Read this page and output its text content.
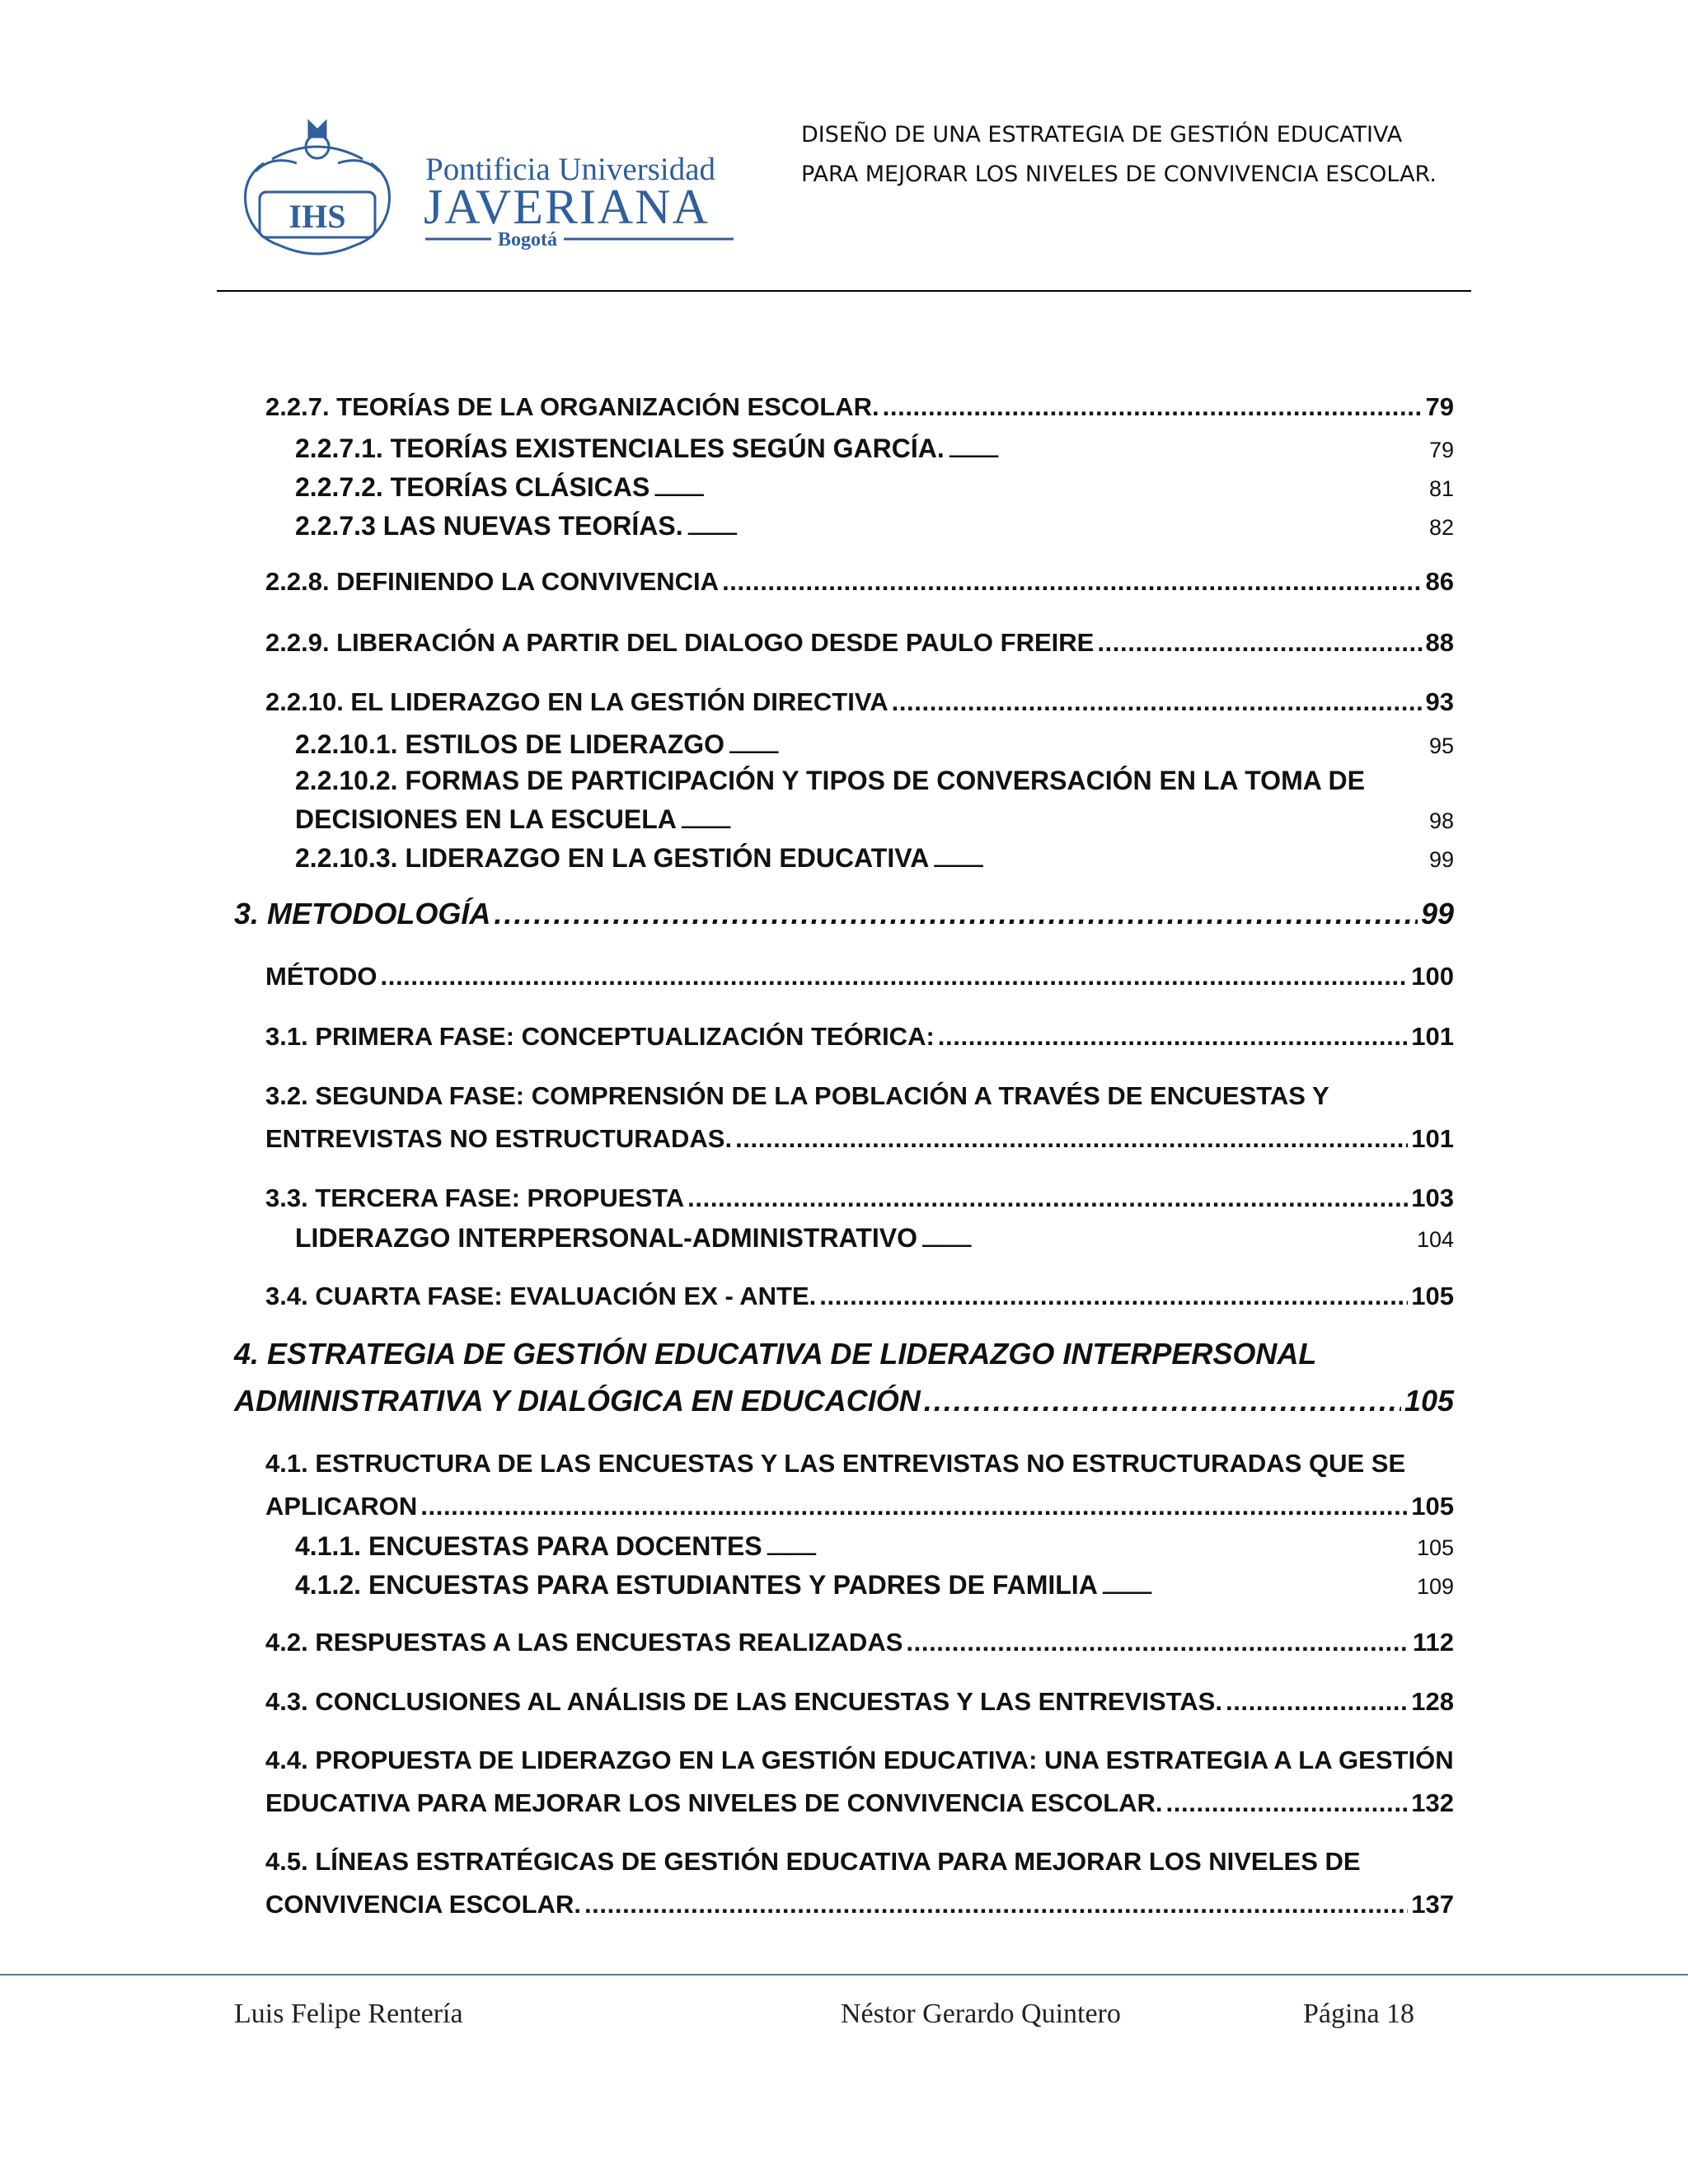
IHS
Pontificia Universidad
JAVERIANA
Bogotá
DISEÑO DE UNA ESTRATEGIA DE GESTIÓN EDUCATIVA
PARA MEJORAR LOS NIVELES DE CONVIVENCIA ESCOLAR.
2.2.7. TEORÍAS DE LA ORGANIZACIÓN ESCOLAR. . . .	79
2.2.7.1. TEORÍAS EXISTENCIALES SEGÚN GARCÍA. . . .	79
2.2.7.2. TEORÍAS CLÁSICAS . . .	81
2.2.7.3 LAS NUEVAS TEORÍAS. . . .	82
2.2.8. DEFINIENDO LA CONVIVENCIA . . .	86
2.2.9. LIBERACIÓN A PARTIR DEL DIALOGO DESDE PAULO FREIRE . . .	88
2.2.10. EL LIDERAZGO EN LA GESTIÓN DIRECTIVA . . .	93
2.2.10.1. ESTILOS DE LIDERAZGO . . .	95
2.2.10.2. FORMAS DE PARTICIPACIÓN Y TIPOS DE CONVERSACIÓN EN LA TOMA DE
DECISIONES EN LA ESCUELA . . .	98
2.2.10.3. LIDERAZGO EN LA GESTIÓN EDUCATIVA . . .	99
3. METODOLOGÍA . . .	99
MÉTODO . . .	100
3.1. PRIMERA FASE: CONCEPTUALIZACIÓN TEÓRICA: . . .	101
3.2. SEGUNDA FASE: COMPRENSIÓN DE LA POBLACIÓN A TRAVÉS DE ENCUESTAS Y
ENTREVISTAS NO ESTRUCTURADAS. . . .	101
3.3. TERCERA FASE: PROPUESTA . . .	103
LIDERAZGO INTERPERSONAL-ADMINISTRATIVO . . .	104
3.4. CUARTA FASE: EVALUACIÓN EX - ANTE. . . .	105
4. ESTRATEGIA DE GESTIÓN EDUCATIVA DE LIDERAZGO INTERPERSONAL
ADMINISTRATIVA Y DIALÓGICA EN EDUCACIÓN . . .	105
4.1. ESTRUCTURA DE LAS ENCUESTAS Y LAS ENTREVISTAS NO ESTRUCTURADAS QUE SE
APLICARON . . .	105
4.1.1. ENCUESTAS PARA DOCENTES . . .	105
4.1.2. ENCUESTAS PARA ESTUDIANTES Y PADRES DE FAMILIA . . .	109
4.2. RESPUESTAS A LAS ENCUESTAS REALIZADAS . . .	112
4.3. CONCLUSIONES AL ANÁLISIS DE LAS ENCUESTAS Y LAS ENTREVISTAS. . . .	128
4.4. PROPUESTA DE LIDERAZGO EN LA GESTIÓN EDUCATIVA: UNA ESTRATEGIA A LA GESTIÓN
EDUCATIVA PARA MEJORAR LOS NIVELES DE CONVIVENCIA ESCOLAR. . . .	132
4.5. LÍNEAS ESTRATÉGICAS DE GESTIÓN EDUCATIVA PARA MEJORAR LOS NIVELES DE
CONVIVENCIA ESCOLAR. . . .	137
Luis Felipe Rentería	Néstor Gerardo Quintero	Página 18
